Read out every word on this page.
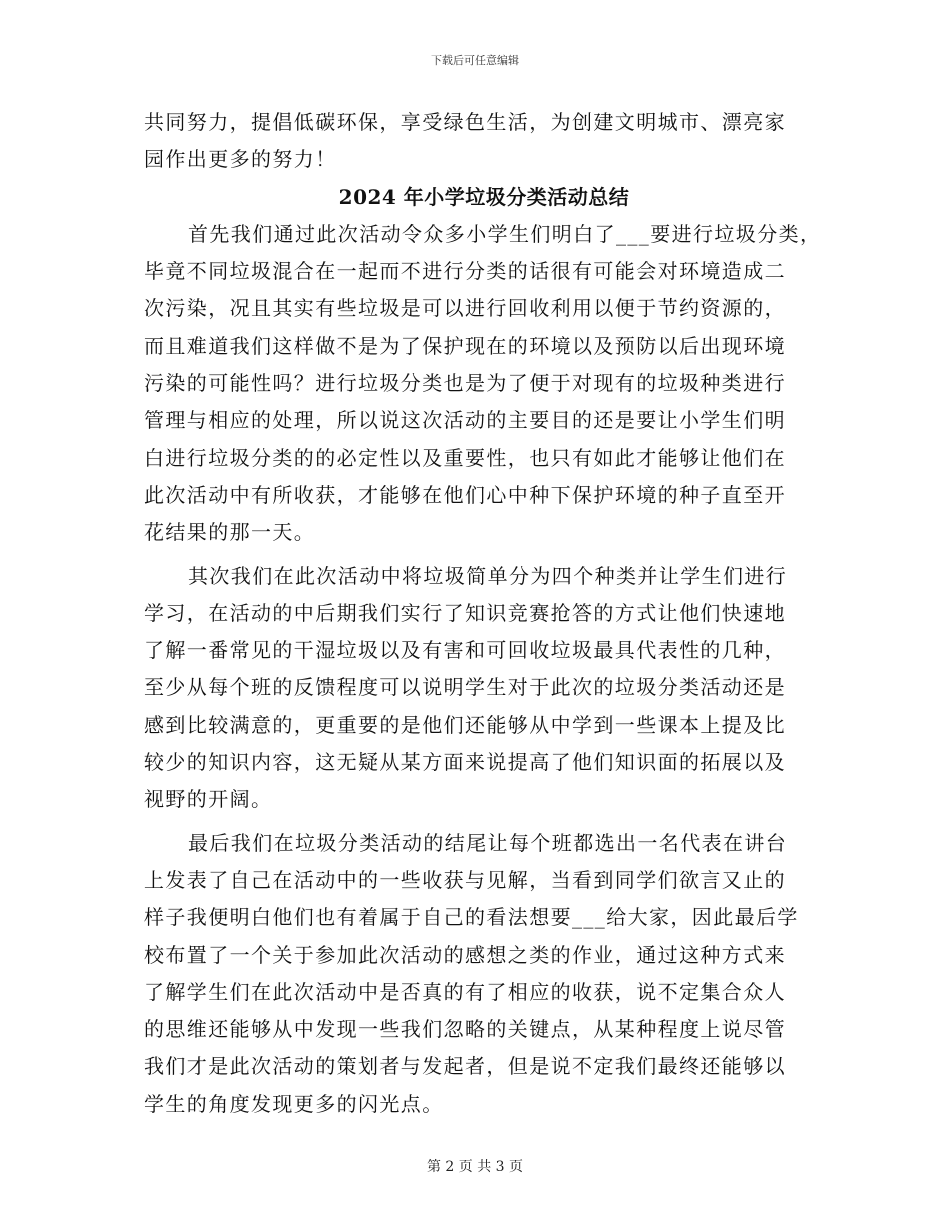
下载后可任意编辑
共同努力，提倡低碳环保，享受绿色生活，为创建文明城市、漂亮家
园作出更多的努力！
2024 年小学垃圾分类活动总结
首先我们通过此次活动令众多小学生们明白了___要进行垃圾分类，
毕竟不同垃圾混合在一起而不进行分类的话很有可能会对环境造成二
次污染，况且其实有些垃圾是可以进行回收利用以便于节约资源的，
而且难道我们这样做不是为了保护现在的环境以及预防以后出现环境
污染的可能性吗？进行垃圾分类也是为了便于对现有的垃圾种类进行
管理与相应的处理，所以说这次活动的主要目的还是要让小学生们明
白进行垃圾分类的的必定性以及重要性，也只有如此才能够让他们在
此次活动中有所收获，才能够在他们心中种下保护环境的种子直至开
花结果的那一天。
其次我们在此次活动中将垃圾简单分为四个种类并让学生们进行
学习，在活动的中后期我们实行了知识竞赛抢答的方式让他们快速地
了解一番常见的干湿垃圾以及有害和可回收垃圾最具代表性的几种，
至少从每个班的反馈程度可以说明学生对于此次的垃圾分类活动还是
感到比较满意的，更重要的是他们还能够从中学到一些课本上提及比
较少的知识内容，这无疑从某方面来说提高了他们知识面的拓展以及
视野的开阔。
最后我们在垃圾分类活动的结尾让每个班都选出一名代表在讲台
上发表了自己在活动中的一些收获与见解，当看到同学们欲言又止的
样子我便明白他们也有着属于自己的看法想要___给大家，因此最后学
校布置了一个关于参加此次活动的感想之类的作业，通过这种方式来
了解学生们在此次活动中是否真的有了相应的收获，说不定集合众人
的思维还能够从中发现一些我们忽略的关键点，从某种程度上说尽管
我们才是此次活动的策划者与发起者，但是说不定我们最终还能够以
学生的角度发现更多的闪光点。
第 2 页 共 3 页
